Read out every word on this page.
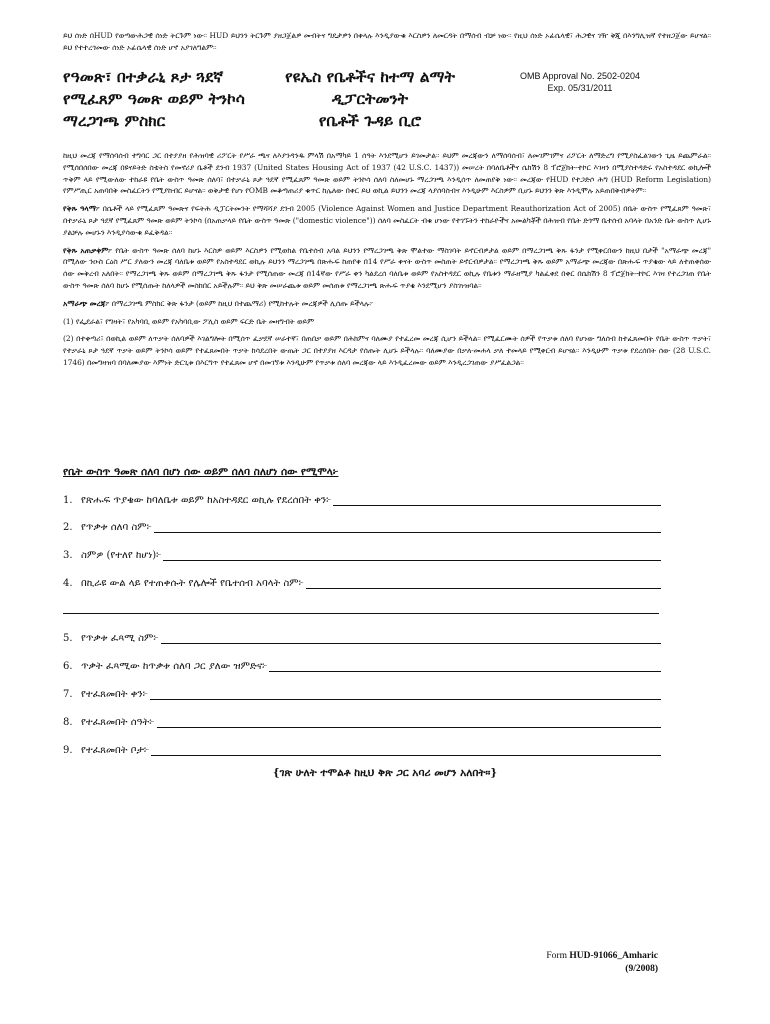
ይህ ሰነድ በHUD የወጣውሕጋዊ ሰነድ ትርጉም ነው። HUD ይህንን ትርጉም ያዘጋጀልዎ መብትና ግዴታዎን በቀላሉ እንዲያውቁ እርስዎን ለመርዳት በማሰብ ብቻ ነው። የዚህ ሰነድ ኦፊሴላዊ፣ ሕጋዊና ገዥ ቅጂ በእንግሊዝኛ የተዘጋጀው ይሆናል። ይህ የተተረጎመው ሰነድ ኦፊሴላዊ ሰነድ ሆኖ አያገለግልም።
የዓመጽ፣ በተቃራኒ ጾታ ጓደኛ
የሚፈጸም ዓመጽ ወይም ትንኮሳ
ማረጋገጫ ምስክር
የዩኤስ የቤቶችና ከተማ ልማት
ዲፓርትመንት
የቤቶች ጉዳይ ቢሮ
OMB Approval No. 2502-0204
Exp. 05/31/2011

ከዚህ መረጃ የማሰባሰብ ተግባር ጋር በተያያዘ የሕዝባዊ ሪፖርት የሥራ ጫና ለእያንዳንዱ ምላሽ በአማካይ 1 ሰዓት እንደሚሆን ይገመታል። ይህም መረጃውን ለማሰባሰብ፣ ለመገምገምና ሪፖርት ለማድረግ የሚያስፈልገውን ጊዜ ይጨምራል። የሚሰበሰበው መረጃ በዩናይትድ ስቴትስ የመኖሪያ ቤቶች ደንብ 1937 (United States Housing Act of 1937 (42 U.S.C. 1437)) መሠረት በባለቤቶችና ሴክሽን 8 ፕሮጀክት-ተኮር እገዛን በሚያስተዳድሩ የአስተዳደር ወኪሎች ጥቅም ላይ የሚውለው ተከራዩ የቤት ውስጥ ዓመጽ ሰለባ፣ በተቃራኒ ጾታ ጓደኛ የሚፈጸም ዓመጽ ወይም ትንኮሳ ሰለባ ስለመሆኑ ማረጋገጫ እንዲሰጥ ለመጠየቅ ነው። መረጃው የHUD የተጋድሶ ሕግ (HUD Reform Legislation) የምሥጢር አጠባበቅ መስፈርትን የሚያከብር ይሆናል። ወቅታዊ የሆነ የOMB መቆጣጠሪያ ቁጥር ከሌለው በቀር ይህ ወኪል ይህንን መረጃ ላያሰባስብና እንዲሁም እርስዎም ቢሆኑ ይህንን ቅጽ እንዲሞሉ አይጠበቅብዎትም።

የቅጹ ዓላማ፦ በሴቶች ላይ የሚፈጸም ዓመጽና የፍትሕ ዲፓርትመንት የማሻሻያ ደንብ 2005 (Violence Against Women and Justice Department Reauthorization Act of 2005) በቤት ውስጥ የሚፈጸም ዓመጽ፣ በተቃራኒ ጾታ ጓደኛ የሚፈጸም ዓመጽ ወይም ትንኮሳ (በአጠቃላይ የቤት ውስጥ ዓመጽ ("domestic violence")) ሰለባ መስፈርት ብቁ ሆነው የተገኙትን ተከራዮችና አመልካቾች በሕዝብ የቤት ድጎማ ቤተሰብ አባላት በአንድ ቤት ውስጥ ሊሆኑ ያልቻሉ መሆኑን እንዲያሳውቁ ይፈቅዳል።

የቅጹ አጠቃቀም፦ የቤት ውስጥ ዓመጽ ሰለባ ከሆኑ እርስዎ ወይም እርስዎን የሚወክል የቤተሰብ አባል ይህንን የማረጋገጫ ቅጽ ሞልተው ማስገባት ይኖርብዎታል ወይም በማረጋገጫ ቅጹ ፋንታ የሚቀርበውን ከዚህ በታች "አማራጭ መረጃ" በሚለው ንዑስ ርዕስ ሥር ያለውን መረጃ ባለቤቱ ወይም የአስተዳደር ወኪሉ ይህንን ማረጋገጫ በጽሑፍ ከጠየቀ በ14 የሥራ ቀናት ውስጥ መስጠት ይኖርብዎታል። የማረጋገጫ ቅጹ ወይም አማራጭ መረጃው በጽሑፍ ጥያቄው ላይ ለተጠቀሰው ሰው መቅረብ አለበት። የማረጋገጫ ቅጹ ወይም በማረጋገጫ ቅጹ ፋንታ የሚሰጠው መረጃ በ14ኛው የሥራ ቀን ካልደረሰ ባለቤቱ ወይም የአስተዳደር ወኪሉ የቤቱን ማራዘሚያ ካልፈቀደ በቀር በሴክሽን 8 ፕሮጀክት-ተኮር እገዛ የተረጋገጠ የቤት ውስጥ ዓመጽ ሰለባ ከሆኑ የሚሰጡት ከለላዎች መስከበር አይችሉም። ይህ ቅጽ መሠራጨቱ ወይም መሰጠቱ የማረጋገጫ ጽሑፍ ጥያቄ እንደሚሆን ያስገነዝባል።

አማራጭ መረጃ፦ በማረጋገጫ ምስክር ቅጽ ፋንታ (ወይም ከዚህ በተጨማሪ) የሚከተሉት መረጃዎች ሊሰጡ ይችላሉ፦

(1) የፌደራል፣ የግዛት፣ የአካባቢ ወይም የአካባቢው ፖሊስ ወይም ፍርድ ቤት መዛግብት ወይም

(2) በተቀጣሪ፣ በወኪል ወይም ለጥቃት ሰለባዎች እገልግሎት በሚሰጥ ፈቃደኛ ሠራተኛ፣ በጠበቃ ወይም በሕክምና ባለሙያ የተፈረመ መረጃ ሲሆን ይችላል። የሚፈርሙት ሰዎች የጥቃቱ ሰለባ የሆነው ግለሰብ ከተፈጸመበት የቤት ውስጥ ጥቃት፣ የተቃራኒ ጾታ ጓደኛ ጥቃት ወይም ትንኮሳ ወይም የተፈጸመበት ጥቃት ከሳደረበት ውጤት ጋር በተያያዘ እርዳታ የሰጡት ሊሆኑ ይችላሉ። ባለሙያው በቃለ-መሐላ ቃለ ተመላይ የሚቀርብ ይሆናል። እንዲሁም ጥቃቱ የደረሰበት ሰው (28 U.S.C. 1746) በመግዛዝባ በባለሙያው እምነት ድርጊቱ በእርግጥ የተፈጸመ ሆኖ በመገኘቱ እንዲሁም የጥቃቱ ሰለባ መረጃው ላይ እንዲፈረመው ወይም እንዲረጋገጠው ያሥፈልጋል።

የቤት ውስጥ ዓመጽ ሰለባ በሆነ ሰው ወይም ሰለባ ስለሆነ ሰው የሚሞላ፦
1. የጽሑፍ ጥያቄው ከባለቤቱ ወይም ከአስተዳደር ወኪሉ የደረሰበት ቀን፦
2. የጥቃቱ ሰለባ ስም፦
3. ስምዎ (የተለየ ከሆነ)፦
4. በኪራዩ ውል ላይ የተጠቀሱት የሌሎች የቤተሰብ አባላት ስም፦
5. የጥቃቱ ፈጻሚ ስም፦
6. ጥቃት ፈጻሚው ከጥቃቱ ሰለባ ጋር ያለው ዝምድና፦
7. የተፈጸመበት ቀን፦
8. የተፈጸመበት ሰዓት፦
9. የተፈጸመበት ቦታ፦
{ገጽ ሁለት ተሞልቶ ከዚህ ቅጽ ጋር አባሪ መሆን አለበት።}
Form HUD-91066_Amharic
(9/2008)
